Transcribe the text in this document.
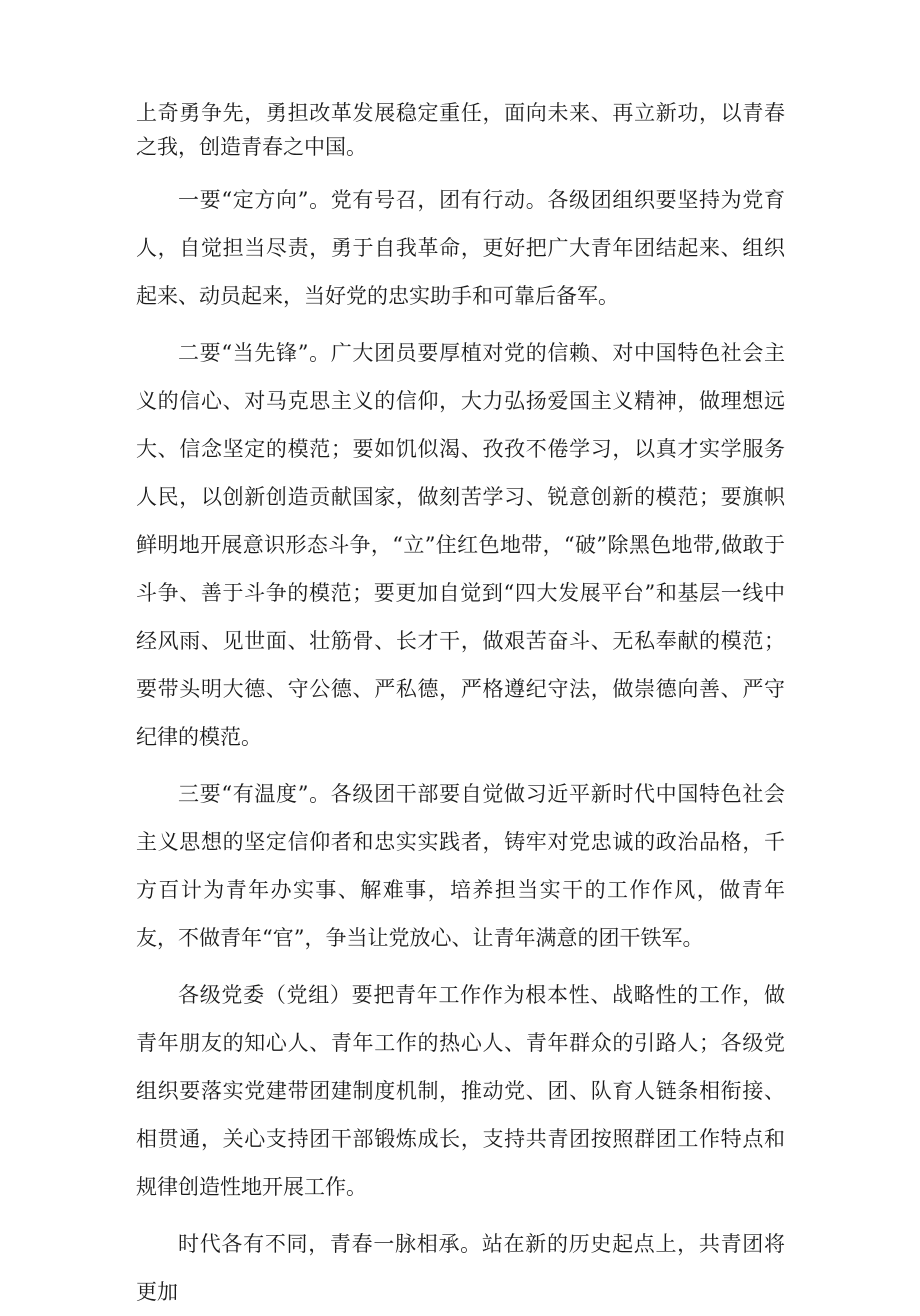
上奇勇争先，勇担改革发展稳定重任，面向未来、再立新功，以青春之我，创造青春之中国。

一要“定方向”。党有号召，团有行动。各级团组织要坚持为党育人，自觉担当尽责，勇于自我革命，更好把广大青年团结起来、组织起来、动员起来，当好党的忠实助手和可靠后备军。

二要“当先锋”。广大团员要厚植对党的信赖、对中国特色社会主义的信心、对马克思主义的信仰，大力弘扬爱国主义精神，做理想远大、信念坚定的模范；要如饥似渴、孜孜不倦学习，以真才实学服务人民，以创新创造贡献国家，做刻苦学习、锐意创新的模范；要旗帜鲜明地开展意识形态斗争，“立”住红色地带，“破”除黑色地带,做敢于斗争、善于斗争的模范；要更加自觉到“四大发展平台”和基层一线中经风雨、见世面、壮筋骨、长才干，做艰苦奋斗、无私奉献的模范；要带头明大德、守公德、严私德，严格遵纪守法，做崇德向善、严守纪律的模范。

三要“有温度”。各级团干部要自觉做习近平新时代中国特色社会主义思想的坚定信仰者和忠实实践者，铸牢对党忠诚的政治品格，千方百计为青年办实事、解难事，培养担当实干的工作作风，做青年友，不做青年“官”，争当让党放心、让青年满意的团干铁军。

各级党委（党组）要把青年工作作为根本性、战略性的工作，做青年朋友的知心人、青年工作的热心人、青年群众的引路人；各级党组织要落实党建带团建制度机制，推动党、团、队育人链条相衔接、相贯通，关心支持团干部锻炼成长，支持共青团按照群团工作特点和规律创造性地开展工作。

时代各有不同，青春一脉相承。站在新的历史起点上，共青团将更加
